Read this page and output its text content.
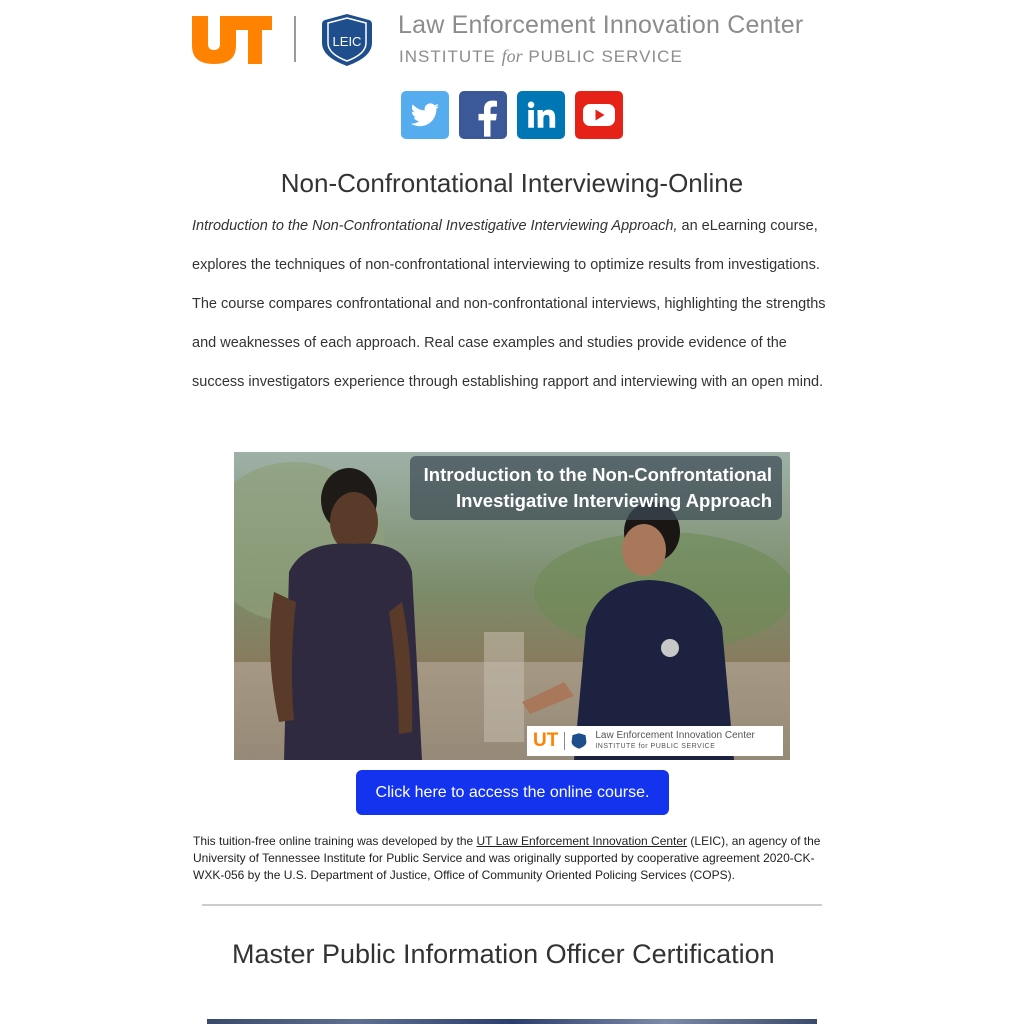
LEIC
Law Enforcement Innovation Center
INSTITUTE for PUBLIC SERVICE
Non-Confrontational Interviewing-Online
Introduction to the Non-Confrontational Investigative Interviewing Approach, an eLearning course, explores the techniques of non-confrontational interviewing to optimize results from investigations. The course compares confrontational and non-confrontational interviews, highlighting the strengths and weaknesses of each approach. Real case examples and studies provide evidence of the success investigators experience through establishing rapport and interviewing with an open mind.
Introduction to the Non-Confrontational
Investigative Interviewing Approach
UT	Law Enforcement Innovation Center
INSTITUTE for PUBLIC SERVICE
Click here to access the online course.
This tuition-free online training was developed by the UT Law Enforcement Innovation Center (LEIC), an agency of the University of Tennessee Institute for Public Service and was originally supported by cooperative agreement 2020-CK-WXK-056 by the U.S. Department of Justice, Office of Community Oriented Policing Services (COPS).
Master Public Information Officer Certification
